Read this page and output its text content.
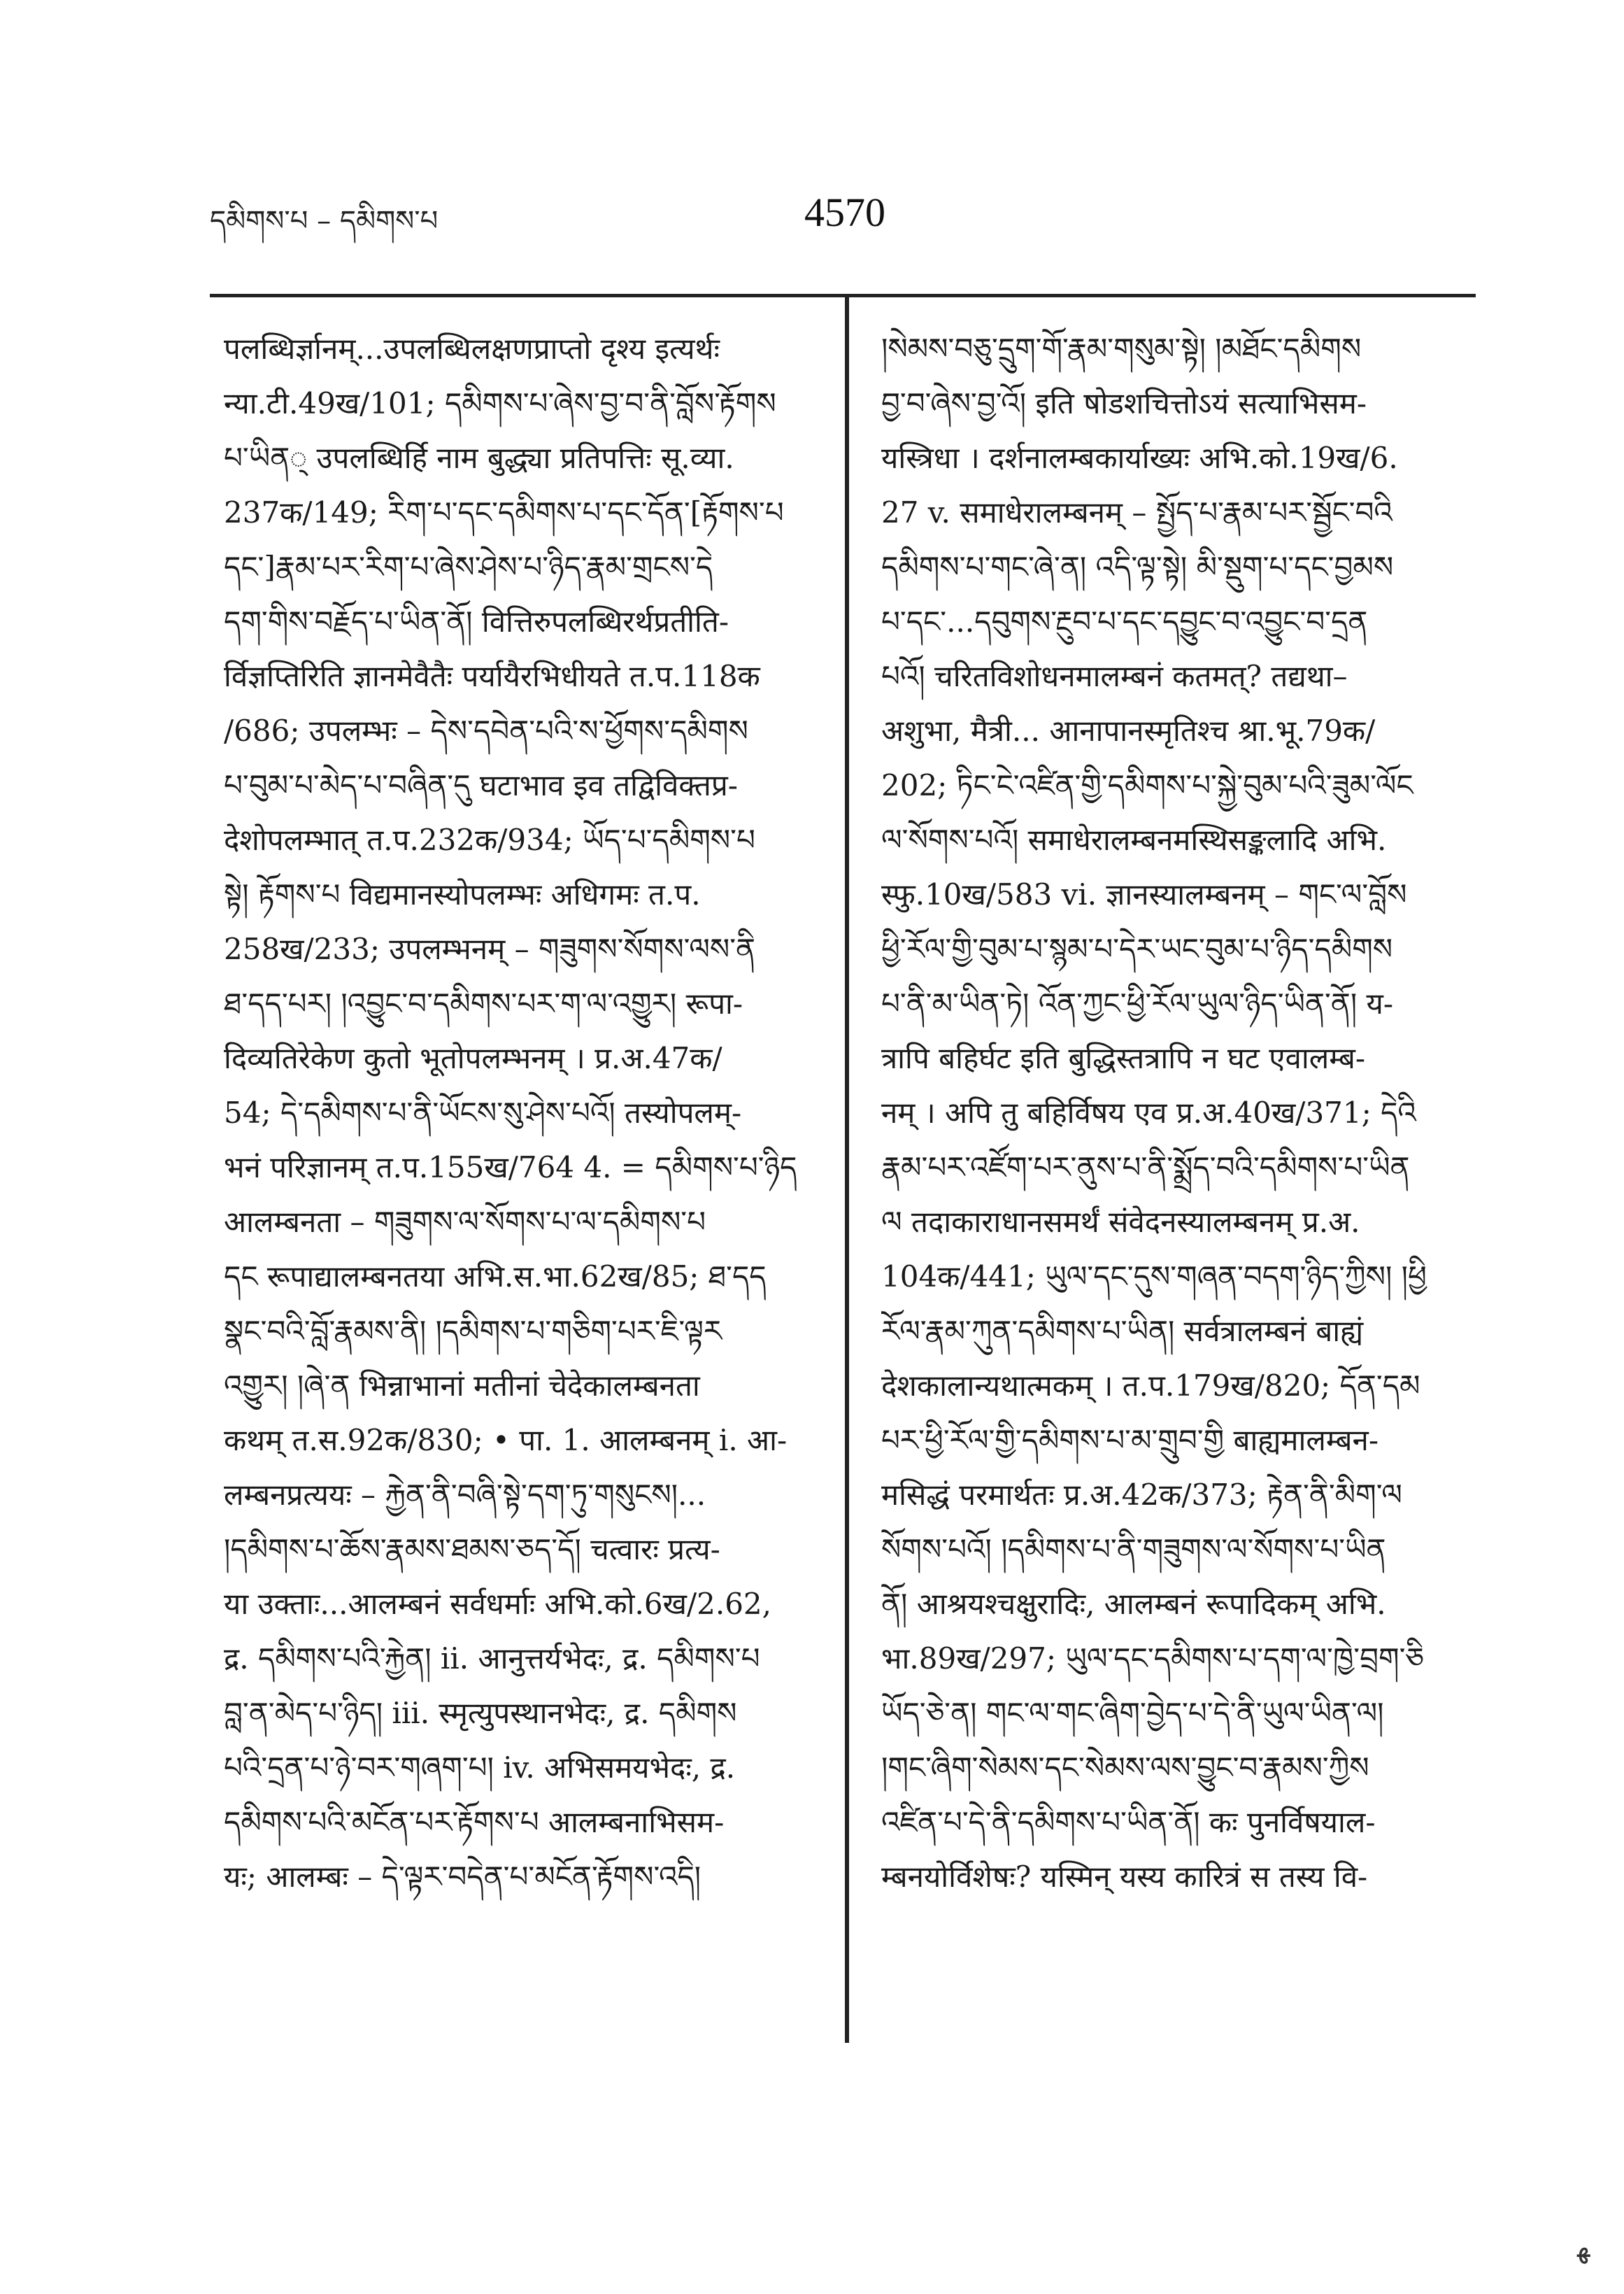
དམིགས་པ – དམིགས་པ	4570
पलब्धिर्ज्ञानम्...उपलब्धिलक्षणप्राप्तो दृश्य इत्यर्थः
न्या.टी.49ख/101; དམིགས་པ་ཞེས་བྱ་བ་ནི་བློས་རྟོགས
པ་ཡིན् उपलब्धिर्हि नाम बुद्ध्या प्रतिपत्तिः सू.व्या.
237क/149; རིག་པ་དང་དམིགས་པ་དང་དོན་[རྟོགས་པ
དང་]རྣམ་པར་རིག་པ་ཞེས་ཤེས་པ་ཉིད་རྣམ་གྲངས་དེ
དག་གིས་བརྗོད་པ་ཡིན་ནོ། वित्तिरुपलब्धिरर्थप्रतीति-
र्विज्ञप्तिरिति ज्ञानमेवैतैः पर्यायैरभिधीयते त.प.118क
/686; उपलम्भः – དེས་དབེན་པའི་ས་ཕྱོགས་དམིགས
པ་བུམ་པ་མེད་པ་བཞིན་དུ घटाभाव इव तद्विविक्तप्र-
देशोपलम्भात् त.प.232क/934; ཡོད་པ་དམིགས་པ
སྟེ། རྟོགས་པ विद्यमानस्योपलम्भः अधिगमः त.प.
258ख/233; उपलम्भनम् – གཟུགས་སོགས་ལས་ནི
ཐ་དད་པར། །འབྱུང་བ་དམིགས་པར་ག་ལ་འགྱུར། रूपा-
दिव्यतिरेकेण कुतो भूतोपलम्भनम् । प्र.अ.47क/
54; དེ་དམིགས་པ་ནི་ཡོངས་སུ་ཤེས་པའོ། तस्योपलम्-
भनं परिज्ञानम् त.प.155ख/764 4. = དམིགས་པ་ཉིད
आलम्बनता – གཟུགས་ལ་སོགས་པ་ལ་དམིགས་པ
དང रूपाद्यालम्बनतया अभि.स.भा.62ख/85; ཐ་དད
སྣང་བའི་བློ་རྣམས་ནི། །དམིགས་པ་གཅིག་པར་ཇི་ལྟར
འགྱུར། །ཞེ་ན भिन्नाभानां मतीनां चेदेकालम्बनता
कथम् त.स.92क/830; • पा. 1. आलम्बनम् i. आ-
लम्बनप्रत्ययः – རྐྱེན་ནི་བཞི་སྟེ་དག་ཏུ་གསུངས།...
།དམིགས་པ་ཆོས་རྣམས་ཐམས་ཅད་དོ། चत्वारः प्रत्य-
या उक्ताः...आलम्बनं सर्वधर्माः अभि.को.6ख/2.62,
द्र. དམིགས་པའི་རྐྱེན། ii. आनुत्तर्यभेदः, द्र. དམིགས་པ
བླ་ན་མེད་པ་ཉིད། iii. स्मृत्युपस्थानभेदः, द्र. དམིགས
པའི་དྲན་པ་ཉེ་བར་གཞག་པ། iv. अभिसमयभेदः, द्र.
དམིགས་པའི་མངོན་པར་རྟོགས་པ आलम्बनाभिसम-
यः; आलम्बः – དེ་ལྟར་བདེན་པ་མངོན་རྟོགས་འདི།
།སེམས་བཅུ་དྲུག་གོ་རྣམ་གསུམ་སྟེ། །མཐོང་དམིགས
བྱ་བ་ཞེས་བྱ་འོ། इति षोडशचित्तोऽयं सत्याभिसम-
यस्त्रिधा । दर्शनालम्बकार्याख्यः अभि.को.19ख/6.
27 v. समाधेरालम्बनम् – སྤྱོད་པ་རྣམ་པར་སྦྱོང་བའི
དམིགས་པ་གང་ཞེ་ན། འདི་ལྟ་སྟེ། མི་སྡུག་པ་དང་བྱམས
པ་དང་...དབུགས་རྔུབ་པ་དང་དབྱུང་བ་འབྱུང་བ་དྲན
པའོ། चरितविशोधनमालम्बनं कतमत्? तद्यथा–
अशुभा, मैत्री... आनापानस्मृतिश्च श्रा.भू.79क/
202; ཏིང་ངེ་འཛིན་གྱི་དམིགས་པ་སྐྱེ་བུམ་པའི་ཟུམ་ལོང
ལ་སོགས་པའོ། समाधेरालम्बनमस्थिसङ्कलादि अभि.
स्फु.10ख/583 vi. ज्ञानस्यालम्बनम् – གང་ལ་བློས
ཕྱི་རོལ་གྱི་བུམ་པ་སྙམ་པ་དེར་ཡང་བུམ་པ་ཉིད་དམིགས
པ་ནི་མ་ཡིན་ཏེ། འོན་ཀྱང་ཕྱི་རོལ་ཡུལ་ཉིད་ཡིན་ནོ། य-
त्रापि बहिर्घट इति बुद्धिस्तत्रापि न घट एवालम्ब-
नम् । अपि तु बहिर्विषय एव प्र.अ.40ख/371; དེའི
རྣམ་པར་འཛོག་པར་ནུས་པ་ནི་སྨྲོད་བའི་དམིགས་པ་ཡིན
ལ तदाकाराधानसमर्थं संवेदनस्यालम्बनम् प्र.अ.
104क/441; ཡུལ་དང་དུས་གཞན་བདག་ཉིད་ཀྱིས། །ཕྱི
རོལ་རྣམ་ཀུན་དམིགས་པ་ཡིན། सर्वत्रालम्बनं बाह्यं
देशकालान्यथात्मकम् । त.प.179ख/820; དོན་དམ
པར་ཕྱི་རོལ་གྱི་དམིགས་པ་མ་གྲུབ་གྱི बाह्यमालम्बन-
मसिद्धं परमार्थतः प्र.अ.42क/373; རྟེན་ནི་མིག་ལ
སོགས་པའོ། །དམིགས་པ་ནི་གཟུགས་ལ་སོགས་པ་ཡིན
ནོ། आश्रयश्चक्षुरादिः, आलम्बनं रूपादिकम् अभि.
भा.89ख/297; ཡུལ་དང་དམིགས་པ་དག་ལ་ཁྱེ་བྲག་ཅི
ཡོད་ཅེ་ན། གང་ལ་གང་ཞིག་བྱེད་པ་དེ་ནི་ཡུལ་ཡིན་ལ།
།གང་ཞིག་སེམས་དང་སེམས་ལས་བྱུང་བ་རྣམས་ཀྱིས
འཛིན་པ་དེ་ནི་དམིགས་པ་ཡིན་ནོ། कः पुनर्विषयाल-
म्बनयोर्विशेषः? यस्मिन् यस्य कारित्रं स तस्य वि-
ﻬ
